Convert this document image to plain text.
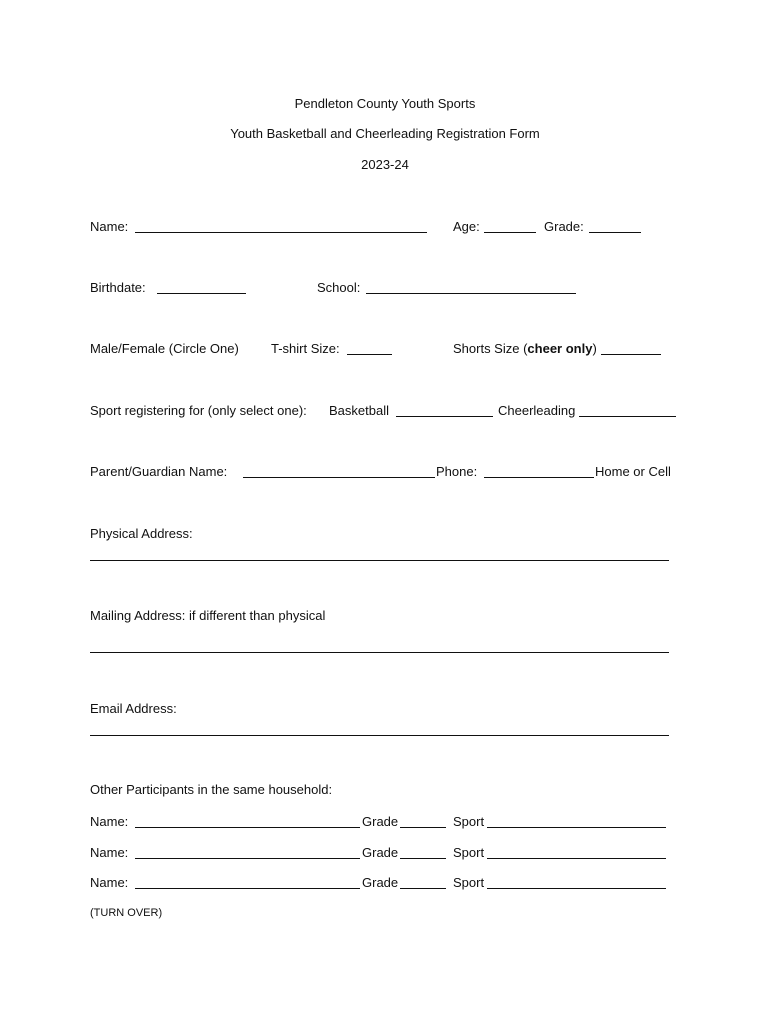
Pendleton County Youth Sports
Youth Basketball and Cheerleading Registration Form
2023-24
Name:	Age:	Grade:
Birthdate:	School:
Male/Female (Circle One) T-shirt Size:	Shorts Size (cheer only)
Sport registering for (only select one): Basketball	Cheerleading
Parent/Guardian Name:	Phone:	Home or Cell
Physical Address:
Mailing Address: if different than physical
Email Address:
Other Participants in the same household:
Name:	Grade	Sport
Name:	Grade	Sport
Name:	Grade	Sport
(TURN OVER)
